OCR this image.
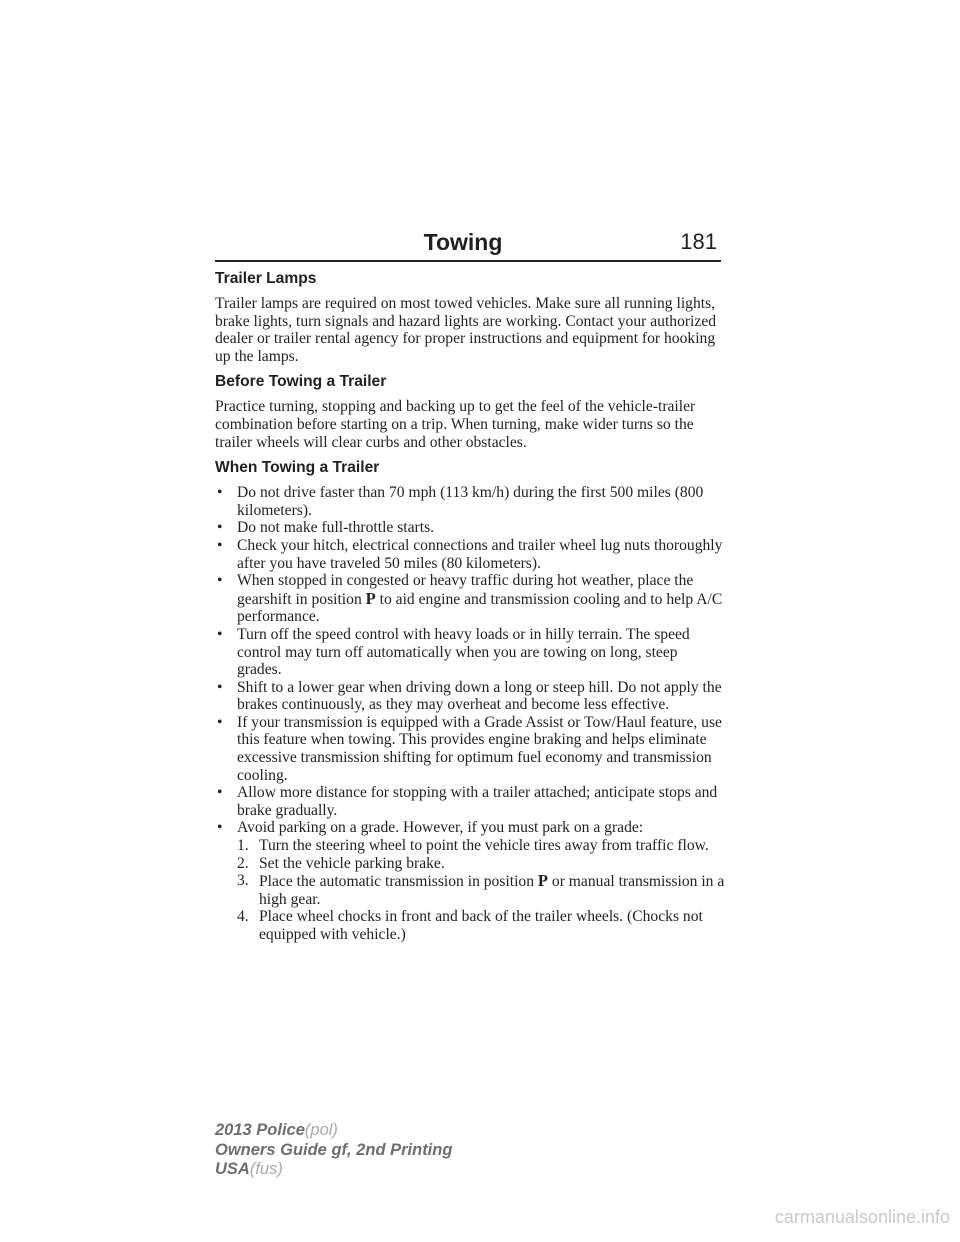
Towing	181
Trailer Lamps

Trailer lamps are required on most towed vehicles. Make sure all running lights, brake lights, turn signals and hazard lights are working. Contact your authorized dealer or trailer rental agency for proper instructions and equipment for hooking up the lamps.

Before Towing a Trailer

Practice turning, stopping and backing up to get the feel of the vehicle-trailer combination before starting on a trip. When turning, make wider turns so the trailer wheels will clear curbs and other obstacles.

When Towing a Trailer
• Do not drive faster than 70 mph (113 km/h) during the first 500 miles (800 kilometers).
• Do not make full-throttle starts.
• Check your hitch, electrical connections and trailer wheel lug nuts thoroughly after you have traveled 50 miles (80 kilometers).
• When stopped in congested or heavy traffic during hot weather, place the gearshift in position P to aid engine and transmission cooling and to help A/C performance.
• Turn off the speed control with heavy loads or in hilly terrain. The speed control may turn off automatically when you are towing on long, steep grades.
• Shift to a lower gear when driving down a long or steep hill. Do not apply the brakes continuously, as they may overheat and become less effective.
• If your transmission is equipped with a Grade Assist or Tow/Haul feature, use this feature when towing. This provides engine braking and helps eliminate excessive transmission shifting for optimum fuel economy and transmission cooling.
• Allow more distance for stopping with a trailer attached; anticipate stops and brake gradually.
• Avoid parking on a grade. However, if you must park on a grade:
1. Turn the steering wheel to point the vehicle tires away from traffic flow.
2. Set the vehicle parking brake.
3. Place the automatic transmission in position P or manual transmission in a high gear.
4. Place wheel chocks in front and back of the trailer wheels. (Chocks not equipped with vehicle.)
2013 Police(pol)
Owners Guide gf, 2nd Printing
USA(fus)
carmanualsonline.info
